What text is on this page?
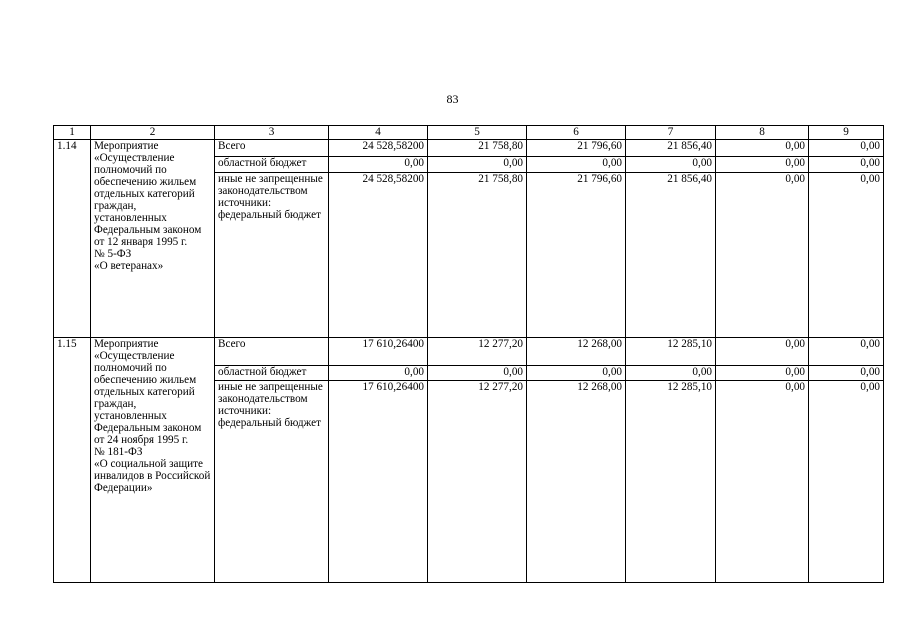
83
1	2	3	4	5	6	7	8	9
1.14	Мероприятие
«Осуществление полномочий по обеспечению жильем отдельных категорий граждан, установленных Федеральным законом
от 12 января 1995 г.
№ 5-ФЗ
«О ветеранах»	Всего	24 528,58200	21 758,80	21 796,60	21 856,40	0,00	0,00
		областной бюджет	0,00	0,00	0,00	0,00	0,00	0,00
		иные не запрещенные законодательством источники: федеральный бюджет	24 528,58200	21 758,80	21 796,60	21 856,40	0,00	0,00
1.15	Мероприятие
«Осуществление полномочий по обеспечению жильем отдельных категорий граждан, установленных Федеральным законом
от 24 ноября 1995 г.
№ 181-ФЗ
«О социальной защите инвалидов в Российской Федерации»	Всего	17 610,26400	12 277,20	12 268,00	12 285,10	0,00	0,00
		областной бюджет	0,00	0,00	0,00	0,00	0,00	0,00
		иные не запрещенные законодательством источники: федеральный бюджет	17 610,26400	12 277,20	12 268,00	12 285,10	0,00	0,00
